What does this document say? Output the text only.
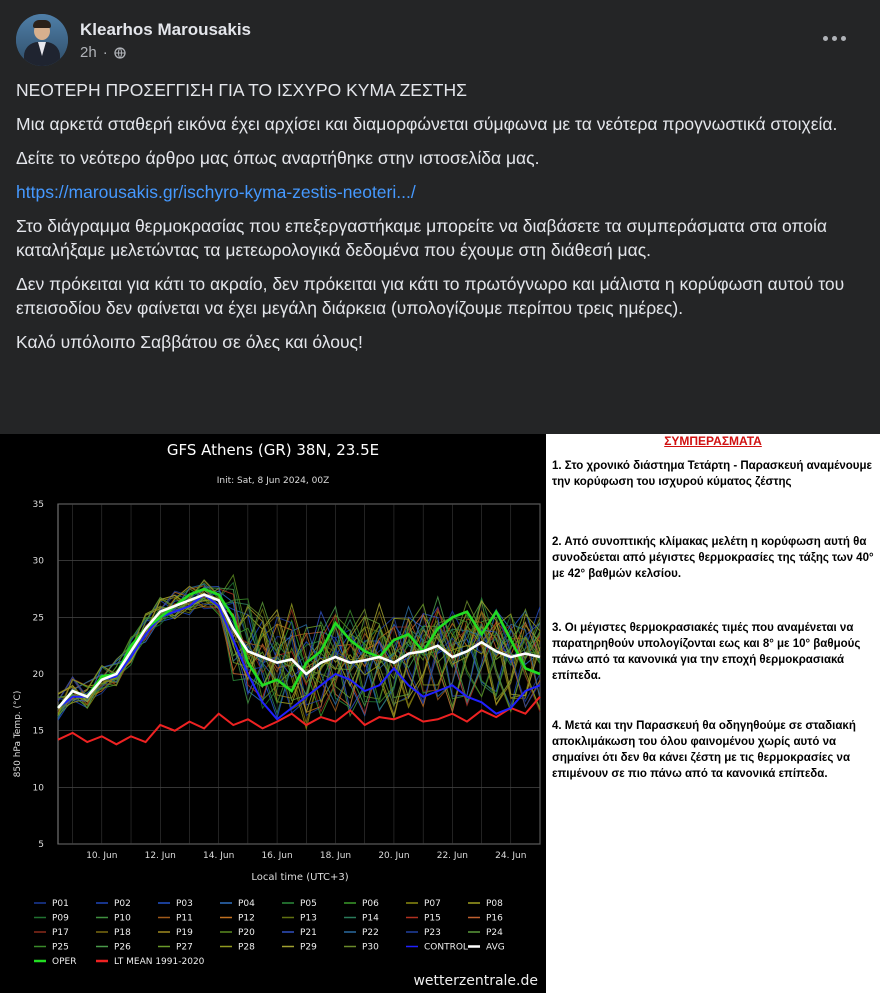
Klearhos Marousakis
2h ·

ΝΕΟΤΕΡΗ ΠΡΟΣΕΓΓΙΣΗ ΓΙΑ ΤΟ ΙΣΧΥΡΟ ΚΥΜΑ ΖΕΣΤΗΣ

Μια αρκετά σταθερή εικόνα έχει αρχίσει και διαμορφώνεται σύμφωνα με τα νεότερα προγνωστικά στοιχεία.

Δείτε το νεότερο άρθρο μας όπως αναρτήθηκε στην ιστοσελίδα μας.

https://marousakis.gr/ischyro-kyma-zestis-neoteri.../

Στο διάγραμμα θερμοκρασίας που επεξεργαστήκαμε μπορείτε να διαβάσετε τα συμπεράσματα στα οποία καταλήξαμε μελετώντας τα μετεωρολογικά δεδομένα που έχουμε στη διάθεσή μας.

Δεν πρόκειται για κάτι το ακραίο, δεν πρόκειται για κάτι το πρωτόγνωρο και μάλιστα η κορύφωση αυτού του επεισοδίου δεν φαίνεται να έχει μεγάλη διάρκεια (υπολογίζουμε περίπου τρεις ημέρες).

Καλό υπόλοιπο Σαββάτου σε όλες και όλους!

GFS Athens (GR) 38N, 23.5E
Init: Sat, 8 Jun 2024, 00Z
35
30
25
20
15
10
5
10. Jun	12. Jun	14. Jun	16. Jun	18. Jun	20. Jun	22. Jun	24. Jun
850 hPa Temp. (°C)
Local time (UTC+3)
P01	P02	P03	P04	P05	P06	P07	P08
P09	P10	P11	P12	P13	P14	P15	P16
P17	P18	P19	P20	P21	P22	P23	P24
P25	P26	P27	P28	P29	P30	CONTROL AVG
OPER	LT MEAN 1991-2020
wetterzentrale.de
ΣΥΜΠΕΡΑΣΜΑΤΑ
1. Στο χρονικό διάστημα Τετάρτη - Παρασκευή αναμένουμε την κορύφωση του ισχυρού κύματος ζέστης
2. Από συνοπτικής κλίμακας μελέτη η κορύφωση αυτή θα συνοδεύεται από μέγιστες θερμοκρασίες της τάξης των 40° με 42° βαθμών κελσίου.
3. Οι μέγιστες θερμοκρασιακές τιμές που αναμένεται να παρατηρηθούν υπολογίζονται εως και 8° με 10° βαθμούς πάνω από τα κανονικά για την εποχή θερμοκρασιακά επίπεδα.
4. Μετά και την Παρασκευή θα οδηγηθούμε σε σταδιακή αποκλιμάκωση του όλου φαινομένου χωρίς αυτό να σημαίνει ότι δεν θα κάνει ζέστη με τις θερμοκρασίες να επιμένουν σε πιο πάνω από τα κανονικά επίπεδα.
